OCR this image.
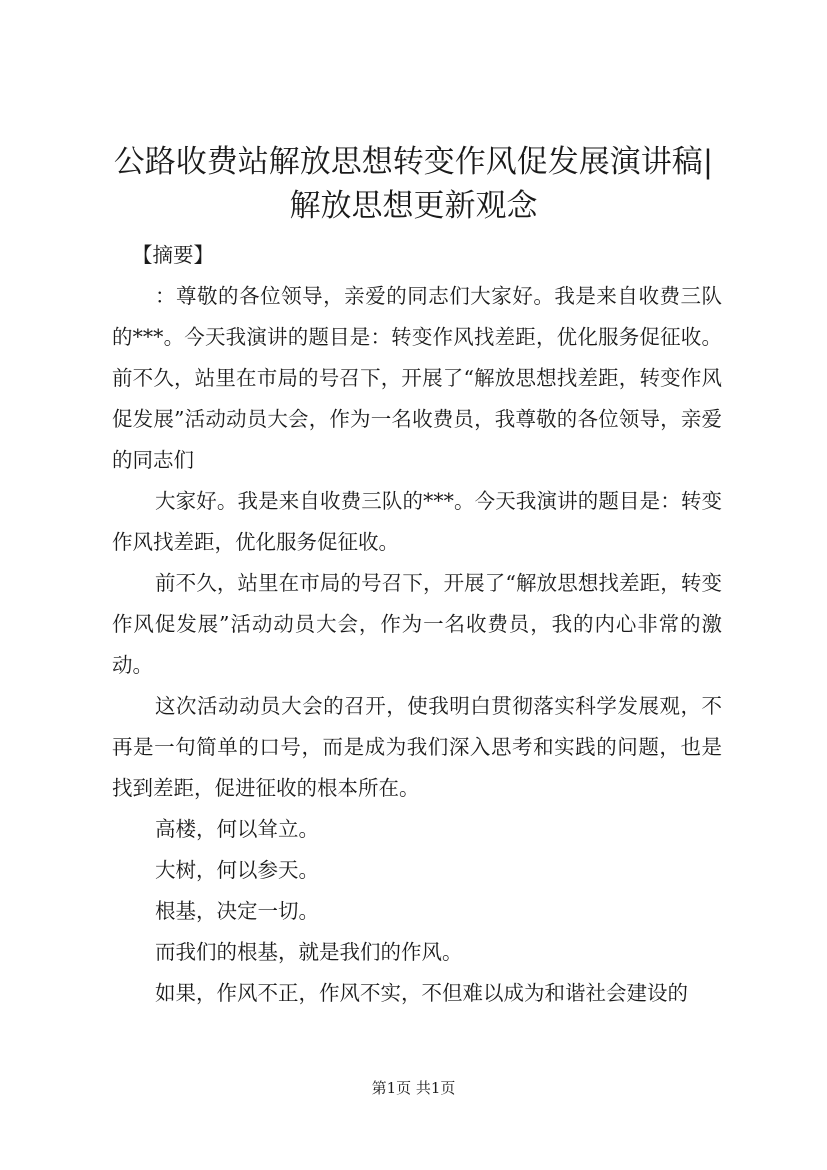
公路收费站解放思想转变作风促发展演讲稿|
解放思想更新观念

【摘要】

：尊敬的各位领导，亲爱的同志们大家好。我是来自收费三队的***。今天我演讲的题目是：转变作风找差距，优化服务促征收。前不久，站里在市局的号召下，开展了“解放思想找差距，转变作风促发展”活动动员大会，作为一名收费员，我尊敬的各位领导，亲爱的同志们

大家好。我是来自收费三队的***。今天我演讲的题目是：转变作风找差距，优化服务促征收。

前不久，站里在市局的号召下，开展了“解放思想找差距，转变作风促发展”活动动员大会，作为一名收费员，我的内心非常的激动。

这次活动动员大会的召开，使我明白贯彻落实科学发展观，不再是一句简单的口号，而是成为我们深入思考和实践的问题，也是找到差距，促进征收的根本所在。

高楼，何以耸立。

大树，何以参天。

根基，决定一切。

而我们的根基，就是我们的作风。

如果，作风不正，作风不实，不但难以成为和谐社会建设的

第1页 共1页
